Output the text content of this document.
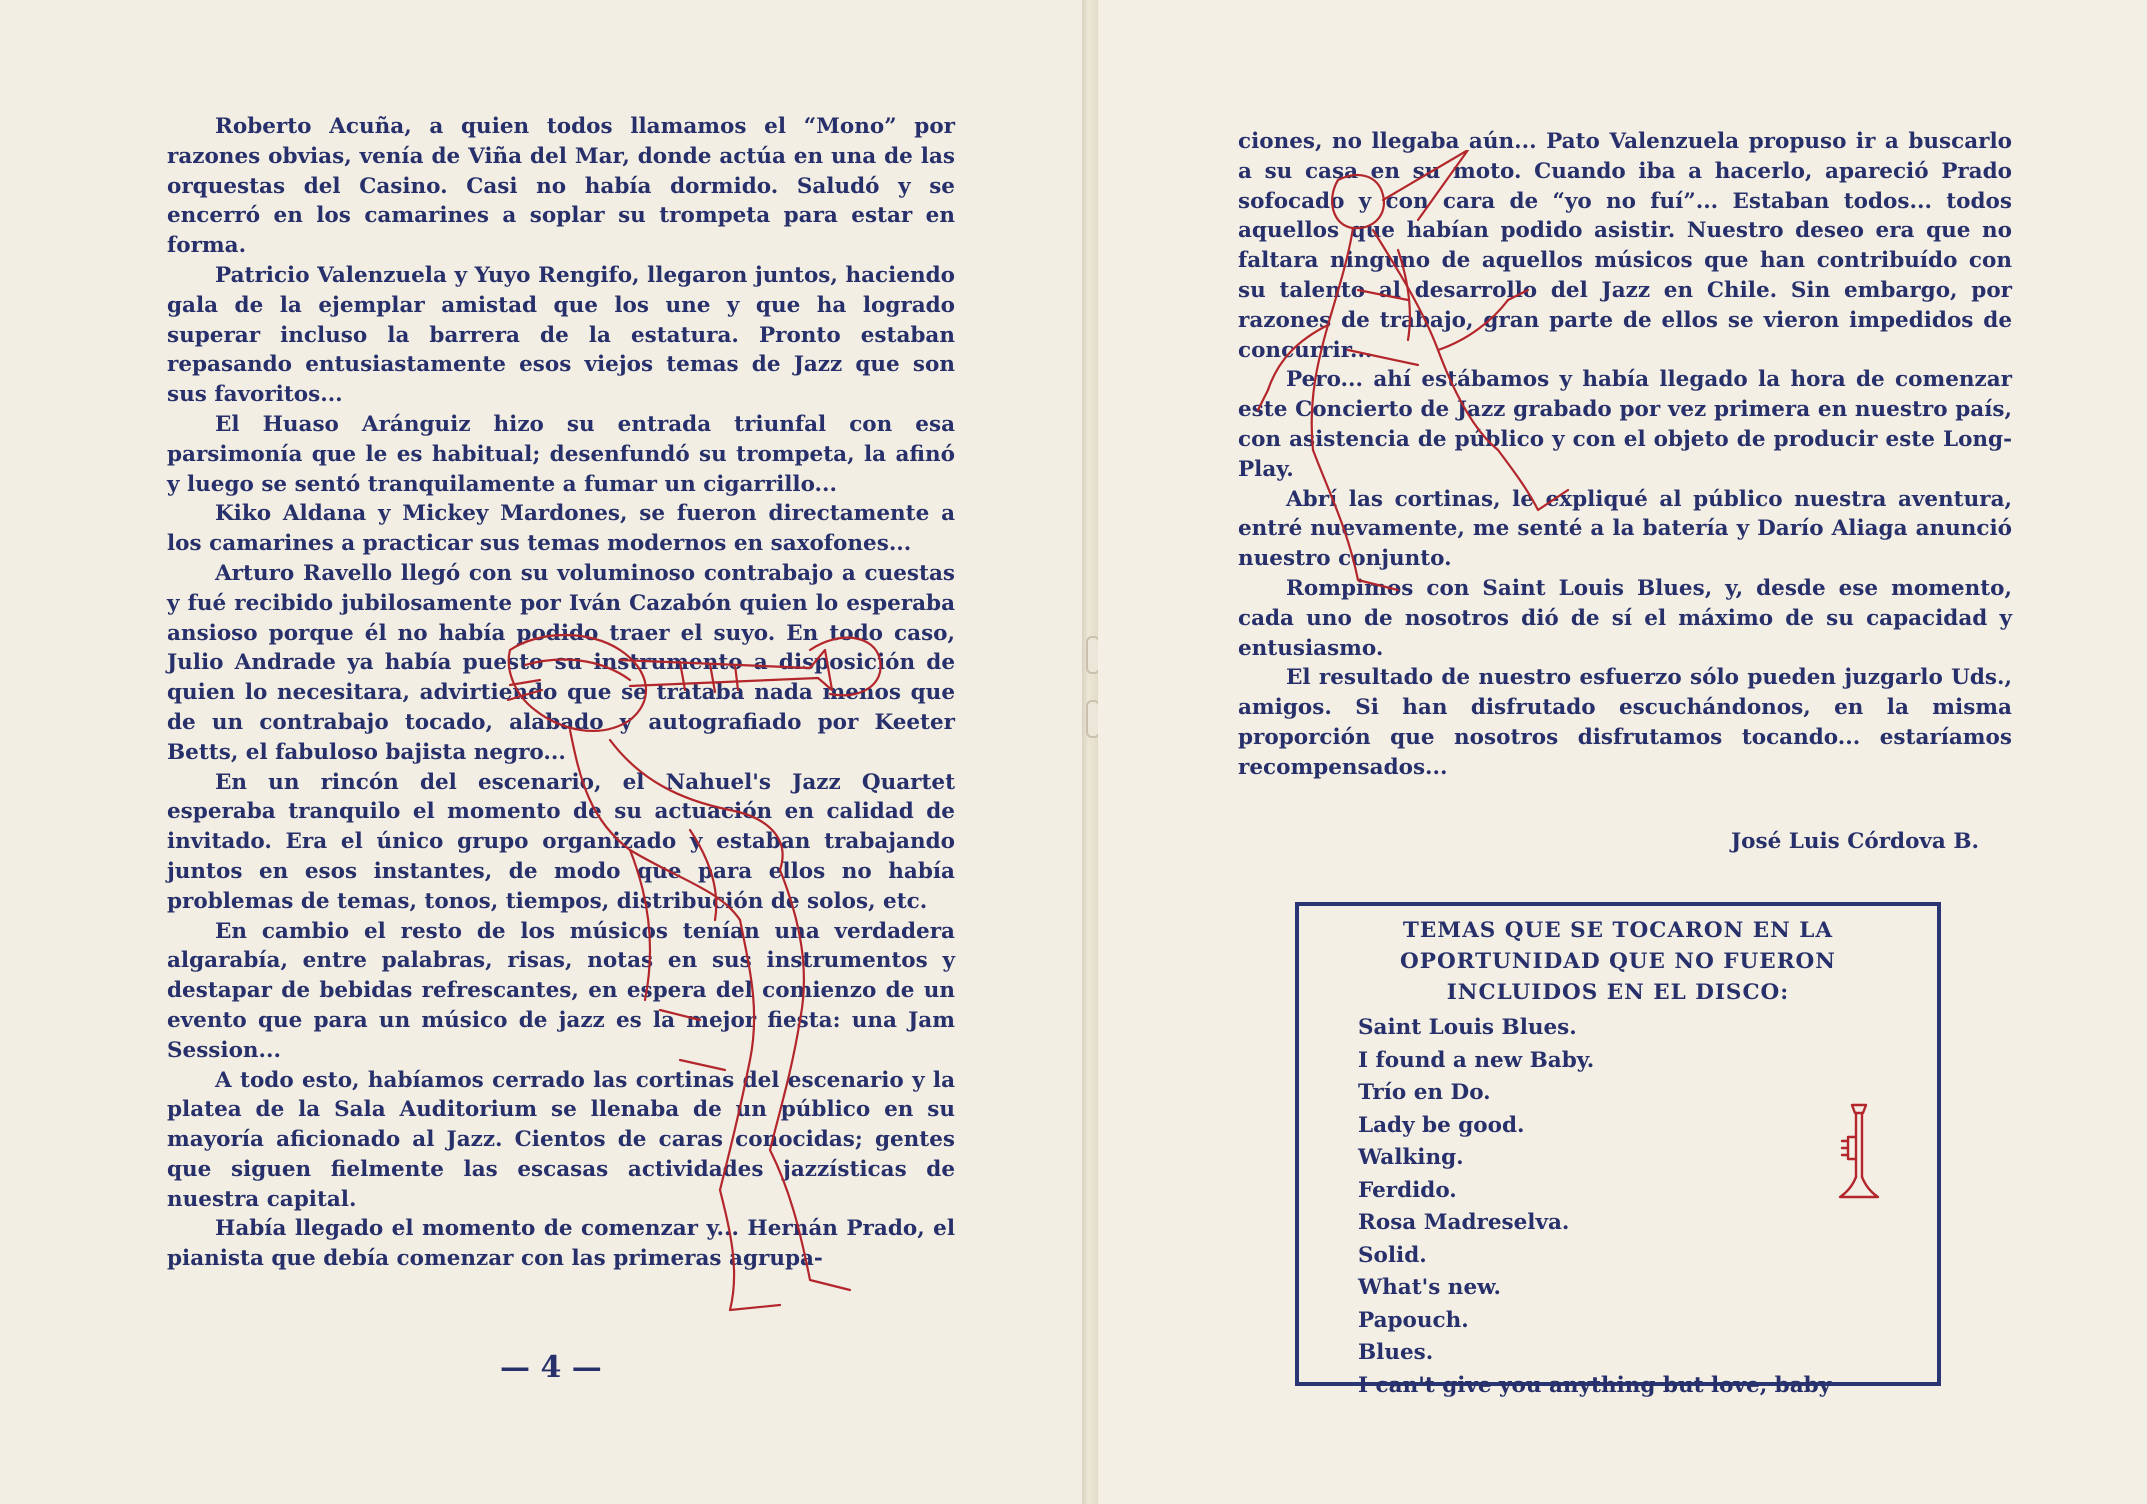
Roberto Acuña, a quien todos llamamos el “Mono” por razones obvias, venía de Viña del Mar, donde actúa en una de las orquestas del Casino. Casi no había dormido. Saludó y se encerró en los camarines a soplar su trompeta para estar en forma.

Patricio Valenzuela y Yuyo Rengifo, llegaron juntos, haciendo gala de la ejemplar amistad que los une y que ha logrado superar incluso la barrera de la estatura. Pronto estaban repasando entusiastamente esos viejos temas de Jazz que son sus favoritos...

El Huaso Aránguiz hizo su entrada triunfal con esa parsimonía que le es habitual; desenfundó su trompeta, la afinó y luego se sentó tranquilamente a fumar un cigarrillo...

Kiko Aldana y Mickey Mardones, se fueron directamente a los camarines a practicar sus temas modernos en saxofones...

Arturo Ravello llegó con su voluminoso contrabajo a cuestas y fué recibido jubilosamente por Iván Cazabón quien lo esperaba ansioso porque él no había podido traer el suyo. En todo caso, Julio Andrade ya había puesto su instrumento a disposición de quien lo necesitara, advirtiendo que se trataba nada menos que de un contrabajo tocado, alabado y autografiado por Keeter Betts, el fabuloso bajista negro...

En un rincón del escenario, el Nahuel's Jazz Quartet esperaba tranquilo el momento de su actuación en calidad de invitado. Era el único grupo organizado y estaban trabajando juntos en esos instantes, de modo que para ellos no había problemas de temas, tonos, tiempos, distribución de solos, etc.

En cambio el resto de los músicos tenían una verdadera algarabía, entre palabras, risas, notas en sus instrumentos y destapar de bebidas refrescantes, en espera del comienzo de un evento que para un músico de jazz es la mejor fiesta: una Jam Session...

A todo esto, habíamos cerrado las cortinas del escenario y la platea de la Sala Auditorium se llenaba de un público en su mayoría aficionado al Jazz. Cientos de caras conocidas; gentes que siguen fielmente las escasas actividades jazzísticas de nuestra capital.

Había llegado el momento de comenzar y... Hernán Prado, el pianista que debía comenzar con las primeras agrupa-

— 4 —

ciones, no llegaba aún... Pato Valenzuela propuso ir a buscarlo a su casa en su moto. Cuando iba a hacerlo, apareció Prado sofocado y con cara de “yo no fuí”... Estaban todos... todos aquellos que habían podido asistir. Nuestro deseo era que no faltara ninguno de aquellos músicos que han contribuído con su talento al desarrollo del Jazz en Chile. Sin embargo, por razones de trabajo, gran parte de ellos se vieron impedidos de concurrir...

Pero... ahí estábamos y había llegado la hora de comenzar este Concierto de Jazz grabado por vez primera en nuestro país, con asistencia de público y con el objeto de producir este Long-Play.

Abrí las cortinas, le expliqué al público nuestra aventura, entré nuevamente, me senté a la batería y Darío Aliaga anunció nuestro conjunto.

Rompimos con Saint Louis Blues, y, desde ese momento, cada uno de nosotros dió de sí el máximo de su capacidad y entusiasmo.

El resultado de nuestro esfuerzo sólo pueden juzgarlo Uds., amigos. Si han disfrutado escuchándonos, en la misma proporción que nosotros disfrutamos tocando... estaríamos recompensados...

José Luis Córdova B.
TEMAS QUE SE TOCARON EN LA
OPORTUNIDAD QUE NO FUERON
INCLUIDOS EN EL DISCO:
Saint Louis Blues.
I found a new Baby.
Trío en Do.
Lady be good.
Walking.
Ferdido.
Rosa Madreselva.
Solid.
What's new.
Papouch.
Blues.
I can't give you anything but love, baby
